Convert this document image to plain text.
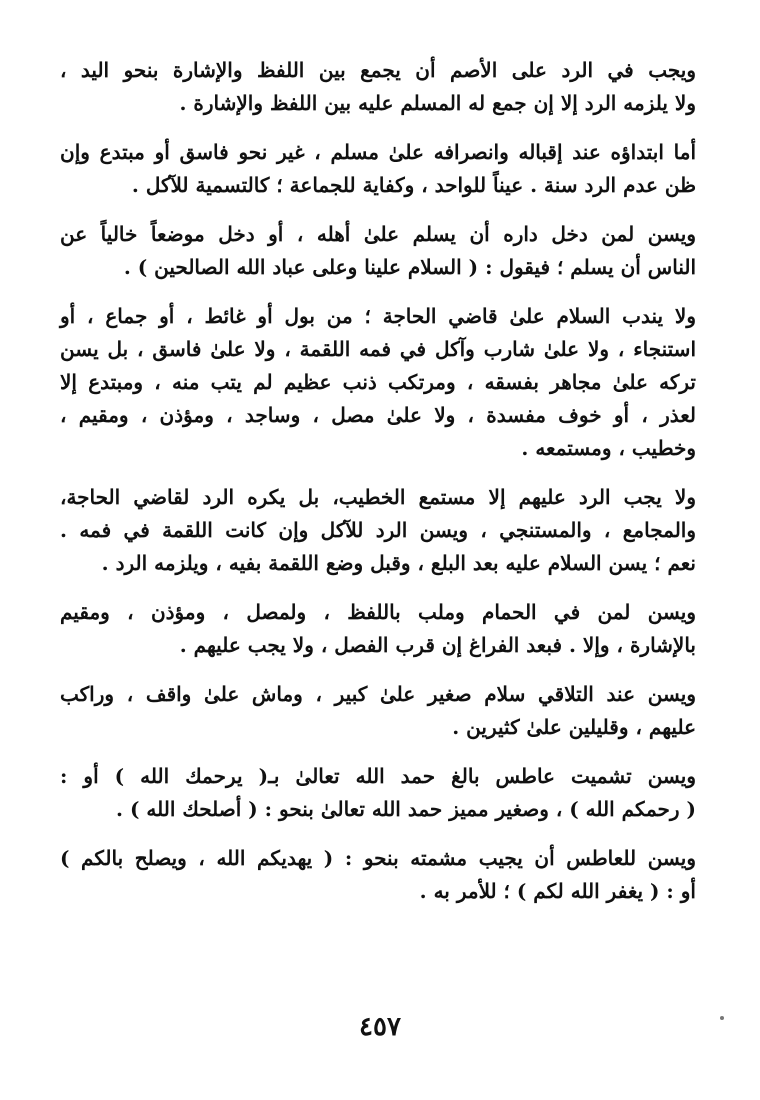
ويجب في الرد على الأصم أن يجمع بين اللفظ والإشارة بنحو اليد ،
ولا يلزمه الرد إلا إن جمع له المسلم عليه بين اللفظ والإشارة .

أما ابتداؤه عند إقباله وانصرافه علىٰ مسلم ، غير نحو فاسق أو مبتدع وإن
ظن عدم الرد سنة . عيناً للواحد ، وكفاية للجماعة ؛ كالتسمية للآكل .

ويسن لمن دخل داره أن يسلم علىٰ أهله ، أو دخل موضعاً خالياً عن
الناس أن يسلم ؛ فيقول : ( السلام علينا وعلى عباد الله الصالحين ) .

ولا يندب السلام علىٰ قاضي الحاجة ؛ من بول أو غائط ، أو جماع ، أو
استنجاء ، ولا علىٰ شارب وآكل في فمه اللقمة ، ولا علىٰ فاسق ، بل يسن
تركه علىٰ مجاهر بفسقه ، ومرتكب ذنب عظيم لم يتب منه ، ومبتدع إلا
لعذر ، أو خوف مفسدة ، ولا علىٰ مصل ، وساجد ، ومؤذن ، ومقيم ،
وخطيب ، ومستمعه .

ولا يجب الرد عليهم إلا مستمع الخطيب، بل يكره الرد لقاضي الحاجة،
والمجامع ، والمستنجي ، ويسن الرد للآكل وإن كانت اللقمة في فمه .
نعم ؛ يسن السلام عليه بعد البلع ، وقبل وضع اللقمة بفيه ، ويلزمه الرد .

ويسن لمن في الحمام وملب باللفظ ، ولمصل ، ومؤذن ، ومقيم
بالإشارة ، وإلا . فبعد الفراغ إن قرب الفصل ، ولا يجب عليهم .

ويسن عند التلاقي سلام صغير علىٰ كبير ، وماش علىٰ واقف ، وراكب
عليهم ، وقليلين علىٰ كثيرين .

ويسن تشميت عاطس بالغ حمد الله تعالىٰ بـ( يرحمك الله ) أو :
( رحمكم الله ) ، وصغير مميز حمد الله تعالىٰ بنحو : ( أصلحك الله ) .

ويسن للعاطس أن يجيب مشمته بنحو : ( يهديكم الله ، ويصلح بالكم )
أو : ( يغفر الله لكم ) ؛ للأمر به .

٤٥٧
